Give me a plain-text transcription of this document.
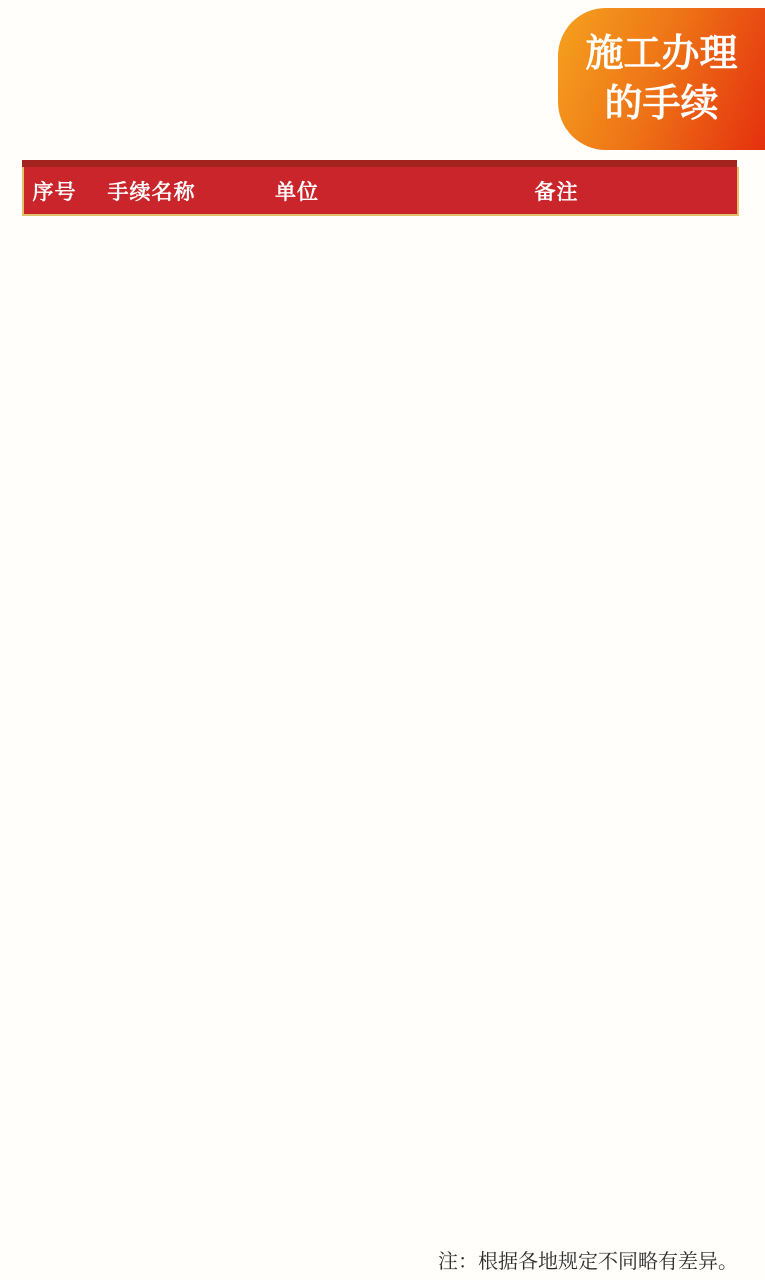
施工办理
的手续
序号	手续名称	单位	备注
注：根据各地规定不同略有差异。
